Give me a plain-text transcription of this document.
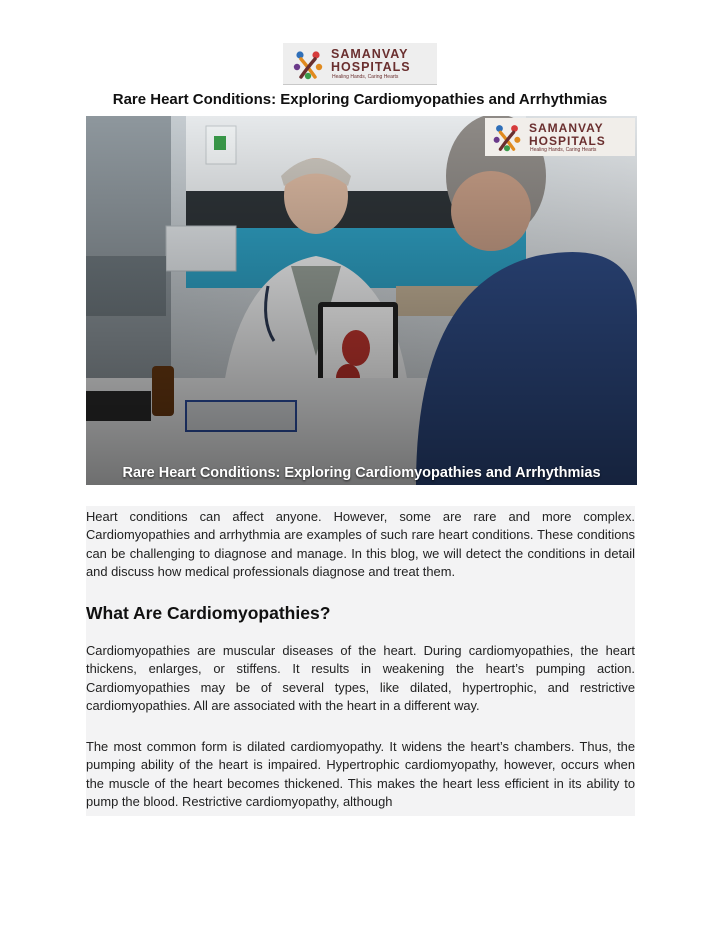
SAMANVAY
HOSPITALS
Healing Hands, Caring Hearts
Rare Heart Conditions: Exploring Cardiomyopathies and Arrhythmias
SAMANVAY
HOSPITALS
Healing Hands, Caring Hearts
Rare Heart Conditions: Exploring Cardiomyopathies and Arrhythmias

Heart conditions can affect anyone. However, some are rare and more complex. Cardiomyopathies and arrhythmia are examples of such rare heart conditions. These conditions can be challenging to diagnose and manage. In this blog, we will detect the conditions in detail and discuss how medical professionals diagnose and treat them.

What Are Cardiomyopathies?

Cardiomyopathies are muscular diseases of the heart. During cardiomyopathies, the heart thickens, enlarges, or stiffens. It results in weakening the heart’s pumping action. Cardiomyopathies may be of several types, like dilated, hypertrophic, and restrictive cardiomyopathies. All are associated with the heart in a different way.

The most common form is dilated cardiomyopathy. It widens the heart’s chambers. Thus, the pumping ability of the heart is impaired. Hypertrophic cardiomyopathy, however, occurs when the muscle of the heart becomes thickened. This makes the heart less efficient in its ability to pump the blood. Restrictive cardiomyopathy, although
